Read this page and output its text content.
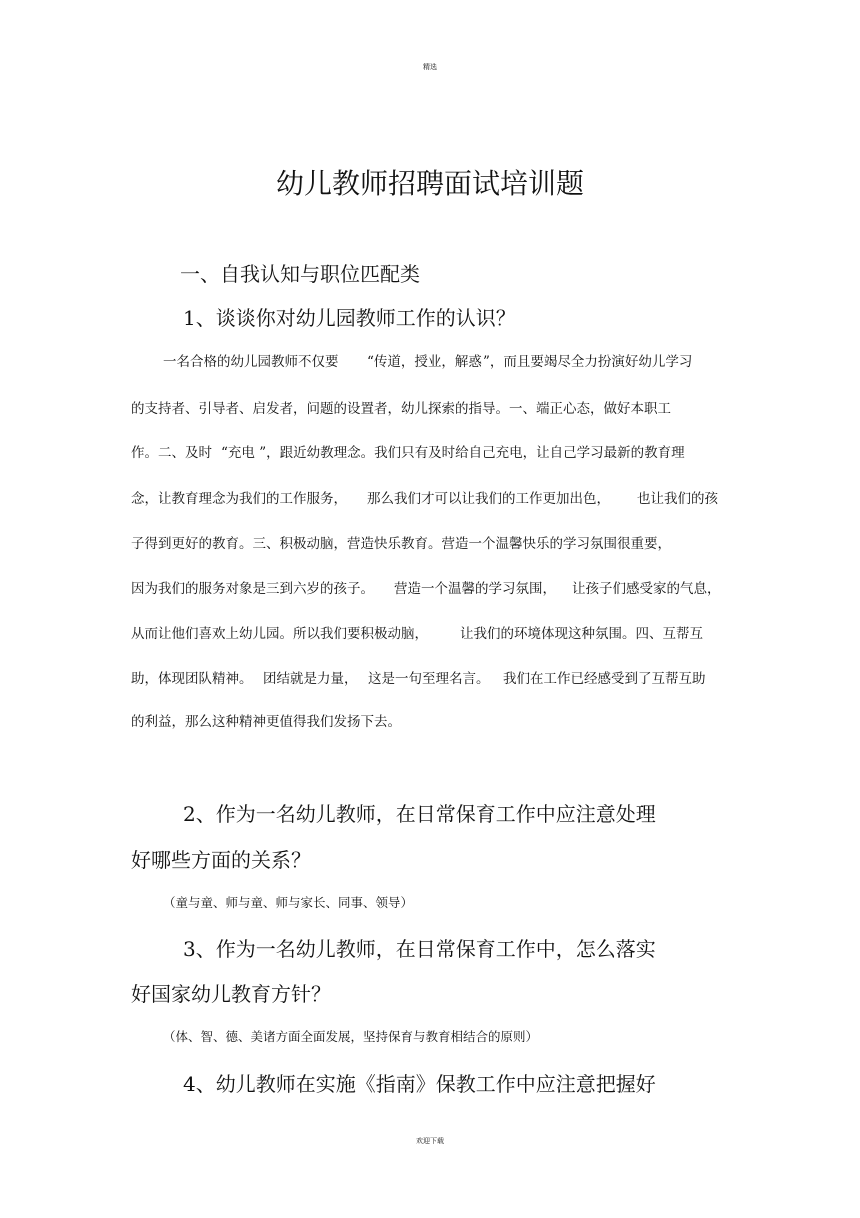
精选
幼儿教师招聘面试培训题
一、自我认知与职位匹配类
1、谈谈你对幼儿园教师工作的认识？
一名合格的幼儿园教师不仅要 “传道，授业，解惑 ”，而且要竭尽全力扮演好幼儿学习
的支持者、引导者、启发者，问题的设置者，幼儿探索的指导。一、端正心态，做好本职工
作。二、及时 “充电 ”，跟近幼教理念。我们只有及时给自己充电，让自己学习最新的教育理
念，让教育理念为我们的工作服务， 那么我们才可以让我们的工作更加出色， 也让我们的孩
子得到更好的教育。三、积极动脑，营造快乐教育。营造一个温馨快乐的学习氛围很重要，
因为我们的服务对象是三到六岁的孩子。 营造一个温馨的学习氛围， 让孩子们感受家的气息，
从而让他们喜欢上幼儿园。所以我们要积极动脑， 让我们的环境体现这种氛围。四、互帮互
助，体现团队精神。 团结就是力量， 这是一句至理名言。 我们在工作已经感受到了互帮互助
的利益，那么这种精神更值得我们发扬下去。
2、作为一名幼儿教师，在日常保育工作中应注意处理
好哪些方面的关系？
（童与童、师与童、师与家长、同事、领导）
3、作为一名幼儿教师，在日常保育工作中，怎么落实
好国家幼儿教育方针？
（体、智、德、美诸方面全面发展，坚持保育与教育相结合的原则）
4、幼儿教师在实施《指南》保教工作中应注意把握好
欢迎下载
